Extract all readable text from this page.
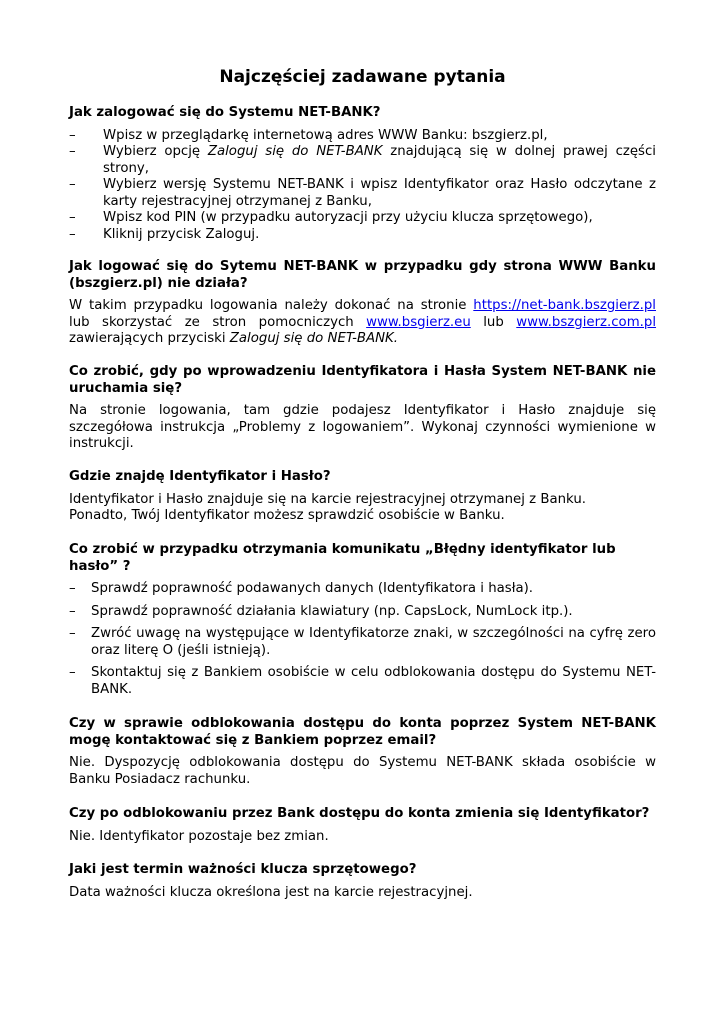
Najczęściej zadawane pytania

Jak zalogować się do Systemu NET-BANK?

– Wpisz w przeglądarkę internetową adres WWW Banku: bszgierz.pl,
– Wybierz opcję Zaloguj się do NET-BANK znajdującą się w dolnej prawej części strony,
– Wybierz wersję Systemu NET-BANK i wpisz Identyfikator oraz Hasło odczytane z karty rejestracyjnej otrzymanej z Banku,
– Wpisz kod PIN (w przypadku autoryzacji przy użyciu klucza sprzętowego),
– Kliknij przycisk Zaloguj.

Jak logować się do Sytemu NET-BANK w przypadku gdy strona WWW Banku (bszgierz.pl) nie działa?

W takim przypadku logowania należy dokonać na stronie https://net-bank.bszgierz.pl lub skorzystać ze stron pomocniczych www.bsgierz.eu lub www.bszgierz.com.pl zawierających przyciski Zaloguj się do NET-BANK.

Co zrobić, gdy po wprowadzeniu Identyfikatora i Hasła System NET-BANK nie uruchamia się?

Na stronie logowania, tam gdzie podajesz Identyfikator i Hasło znajduje się szczegółowa instrukcja „Problemy z logowaniem”. Wykonaj czynności wymienione w instrukcji.

Gdzie znajdę Identyfikator i Hasło?

Identyfikator i Hasło znajduje się na karcie rejestracyjnej otrzymanej z Banku.
Ponadto, Twój Identyfikator możesz sprawdzić osobiście w Banku.

Co zrobić w przypadku otrzymania komunikatu „Błędny identyfikator lub hasło” ?

– Sprawdź poprawność podawanych danych (Identyfikatora i hasła).
– Sprawdź poprawność działania klawiatury (np. CapsLock, NumLock itp.).
– Zwróć uwagę na występujące w Identyfikatorze znaki, w szczególności na cyfrę zero oraz literę O (jeśli istnieją).
– Skontaktuj się z Bankiem osobiście w celu odblokowania dostępu do Systemu NET-BANK.

Czy w sprawie odblokowania dostępu do konta poprzez System NET-BANK mogę kontaktować się z Bankiem poprzez email?

Nie. Dyspozycję odblokowania dostępu do Systemu NET-BANK składa osobiście w Banku Posiadacz rachunku.

Czy po odblokowaniu przez Bank dostępu do konta zmienia się Identyfikator?

Nie. Identyfikator pozostaje bez zmian.

Jaki jest termin ważności klucza sprzętowego?

Data ważności klucza określona jest na karcie rejestracyjnej.
